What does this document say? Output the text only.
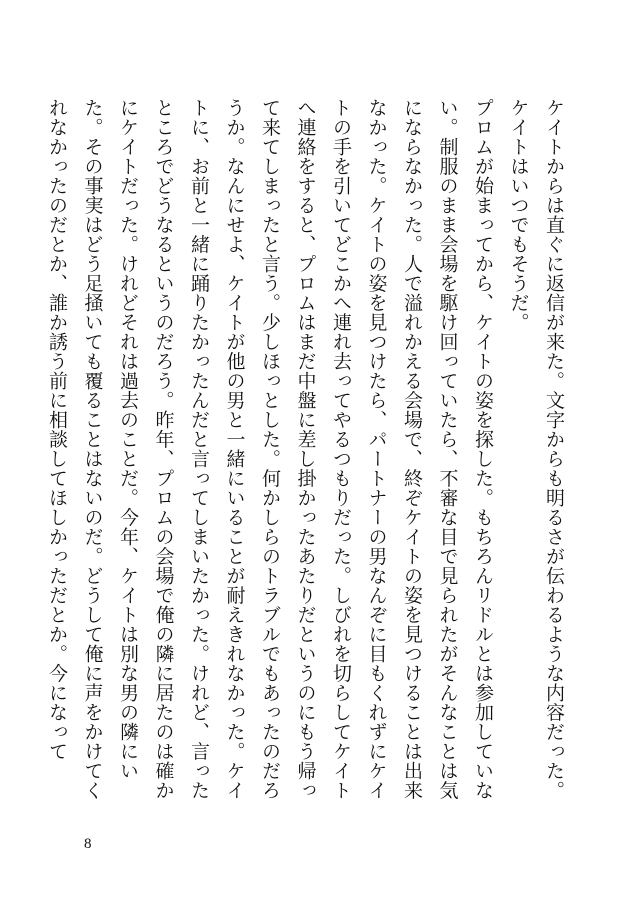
ケイトからは直ぐに返信が来た。文字からも明るさが伝わるような内容だった。ケイトはいつでもそうだ。

プロムが始まってから、ケイトの姿を探した。もちろんリドルとは参加していない。制服のまま会場を駆け回っていたら、不審な目で見られたがそんなことは気にならなかった。人で溢れかえる会場で、終ぞケイトの姿を見つけることは出来なかった。ケイトの姿を見つけたら、パートナーの男なんぞに目もくれずにケイトの手を引いてどこかへ連れ去ってやるつもりだった。しびれを切らしてケイトへ連絡をすると、プロムはまだ中盤に差し掛かったあたりだというのにもう帰って来てしまったと言う。少しほっとした。何かしらのトラブルでもあったのだろうか。なんにせよ、ケイトが他の男と一緒にいることが耐えきれなかった。ケイトに、お前と一緒に踊りたかったんだと言ってしまいたかった。けれど、言ったところでどうなるというのだろう。昨年、プロムの会場で俺の隣に居たのは確かにケイトだった。けれどそれは過去のことだ。今年、ケイトは別な男の隣にいた。その事実はどう足掻いても覆ることはないのだ。どうして俺に声をかけてくれなかったのだとか、誰か誘う前に相談してほしかっただとか。今になって

8
